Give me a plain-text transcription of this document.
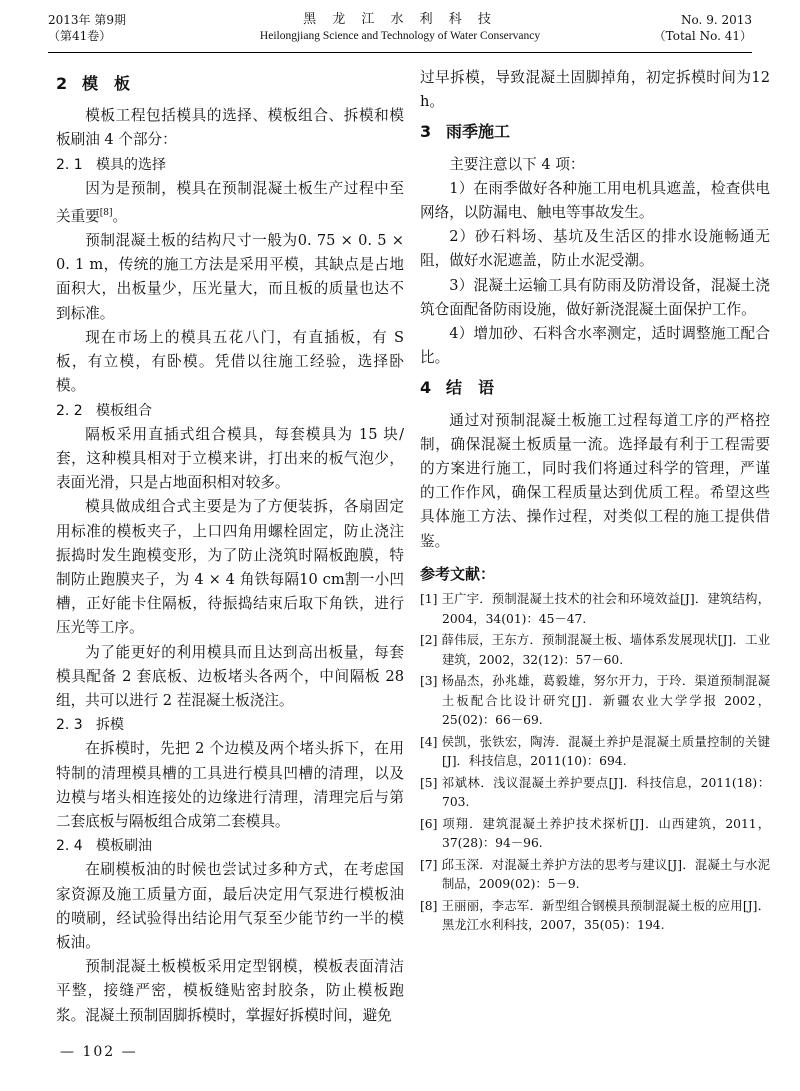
2013年 第9期
（第41卷）
黑 龙 江 水 利 科 技
Heilongjiang Science and Technology of Water Conservancy
No. 9. 2013
（Total No. 41）
2 模　板

模板工程包括模具的选择、模板组合、拆模和模板刷油 4 个部分：

2. 1 模具的选择

因为是预制，模具在预制混凝土板生产过程中至关重要[8]。

预制混凝土板的结构尺寸一般为0. 75 × 0. 5 × 0. 1 m，传统的施工方法是采用平模，其缺点是占地面积大，出板量少，压光量大，而且板的质量也达不到标准。

现在市场上的模具五花八门，有直插板，有 S 板，有立模，有卧模。凭借以往施工经验，选择卧模。

2. 2 模板组合

隔板采用直插式组合模具，每套模具为 15 块/套，这种模具相对于立模来讲，打出来的板气泡少，表面光滑，只是占地面积相对较多。

模具做成组合式主要是为了方便装拆，各扇固定用标准的模板夹子，上口四角用螺栓固定，防止浇注振捣时发生跑模变形，为了防止浇筑时隔板跑膜，特制防止跑膜夹子，为 4 × 4 角铁每隔10 cm割一小凹槽，正好能卡住隔板，待振捣结束后取下角铁，进行压光等工序。

为了能更好的利用模具而且达到高出板量，每套模具配备 2 套底板、边板堵头各两个，中间隔板 28 组，共可以进行 2 茬混凝土板浇注。

2. 3 拆模

在拆模时，先把 2 个边模及两个堵头拆下，在用特制的清理模具槽的工具进行模具凹槽的清理，以及边模与堵头相连接处的边缘进行清理，清理完后与第二套底板与隔板组合成第二套模具。

2. 4 模板刷油

在刷模板油的时候也尝试过多种方式，在考虑国家资源及施工质量方面，最后决定用气泵进行模板油的喷刷，经试验得出结论用气泵至少能节约一半的模板油。

预制混凝土板模板采用定型钢模，模板表面清洁平整，接缝严密，模板缝贴密封胶条，防止模板跑浆。混凝土预制固脚拆模时，掌握好拆模时间，避免

过早拆模，导致混凝土固脚掉角，初定拆模时间为12 h。

3 雨季施工

主要注意以下 4 项：

1）在雨季做好各种施工用电机具遮盖，检查供电网络，以防漏电、触电等事故发生。

2）砂石料场、基坑及生活区的排水设施畅通无阻，做好水泥遮盖，防止水泥受潮。

3）混凝土运输工具有防雨及防滑设备，混凝土浇筑仓面配备防雨设施，做好新浇混凝土面保护工作。

4）增加砂、石料含水率测定，适时调整施工配合比。

4 结　语

通过对预制混凝土板施工过程每道工序的严格控制，确保混凝土板质量一流。选择最有利于工程需要的方案进行施工，同时我们将通过科学的管理，严谨的工作作风，确保工程质量达到优质工程。希望这些具体施工方法、操作过程，对类似工程的施工提供借鉴。

参考文献：
[1] 王广宇．预制混凝土技术的社会和环境效益[J]．建筑结构，2004，34(01)：45－47.
[2] 薛伟辰，王东方．预制混凝土板、墙体系发展现状[J]．工业建筑，2002，32(12)：57－60.
[3] 杨晶杰，孙兆雄，葛毅雄，努尔开力，于玲．渠道预制混凝土板配合比设计研究[J]．新疆农业大学学报 2002，25(02)：66－69.
[4] 侯凯，张铁宏，陶涛．混凝土养护是混凝土质量控制的关键[J]．科技信息，2011(10)：694.
[5] 祁斌林．浅议混凝土养护要点[J]．科技信息，2011(18)：703.
[6] 项翔．建筑混凝土养护技术探析[J]．山西建筑，2011，37(28)：94－96.
[7] 邱玉深．对混凝土养护方法的思考与建议[J]．混凝土与水泥制品，2009(02)：5－9.
[8] 王丽丽，李志军．新型组合钢模具预制混凝土板的应用[J]．黑龙江水利科技，2007，35(05)：194.
— 102 —
